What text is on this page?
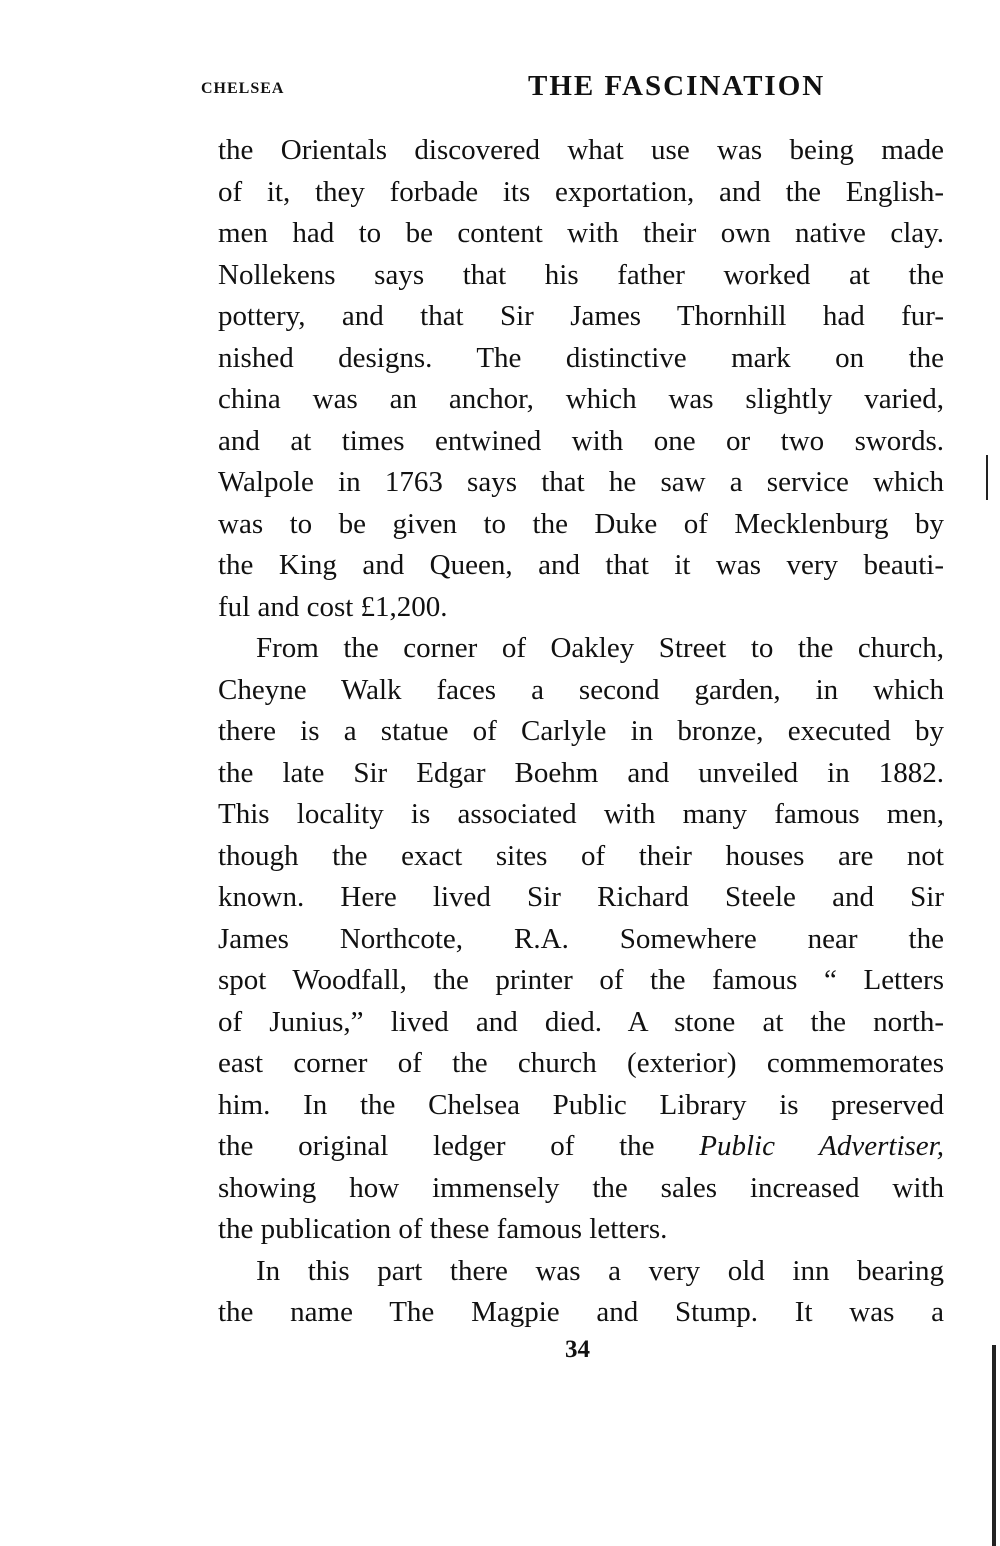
CHELSEA	THE FASCINATION
the Orientals discovered what use was being made
of it, they forbade its exportation, and the English-
men had to be content with their own native clay.
Nollekens says that his father worked at the
pottery, and that Sir James Thornhill had fur-
nished designs. The distinctive mark on the
china was an anchor, which was slightly varied,
and at times entwined with one or two swords.
Walpole in 1763 says that he saw a service which
was to be given to the Duke of Mecklenburg by
the King and Queen, and that it was very beauti-
ful and cost £1,200.
From the corner of Oakley Street to the church,
Cheyne Walk faces a second garden, in which
there is a statue of Carlyle in bronze, executed by
the late Sir Edgar Boehm and unveiled in 1882.
This locality is associated with many famous men,
though the exact sites of their houses are not
known. Here lived Sir Richard Steele and Sir
James Northcote, R.A. Somewhere near the
spot Woodfall, the printer of the famous “ Letters
of Junius,” lived and died. A stone at the north-
east corner of the church (exterior) commemorates
him. In the Chelsea Public Library is preserved
the original ledger of the Public Advertiser,
showing how immensely the sales increased with
the publication of these famous letters.
In this part there was a very old inn bearing
the name The Magpie and Stump. It was a
34
